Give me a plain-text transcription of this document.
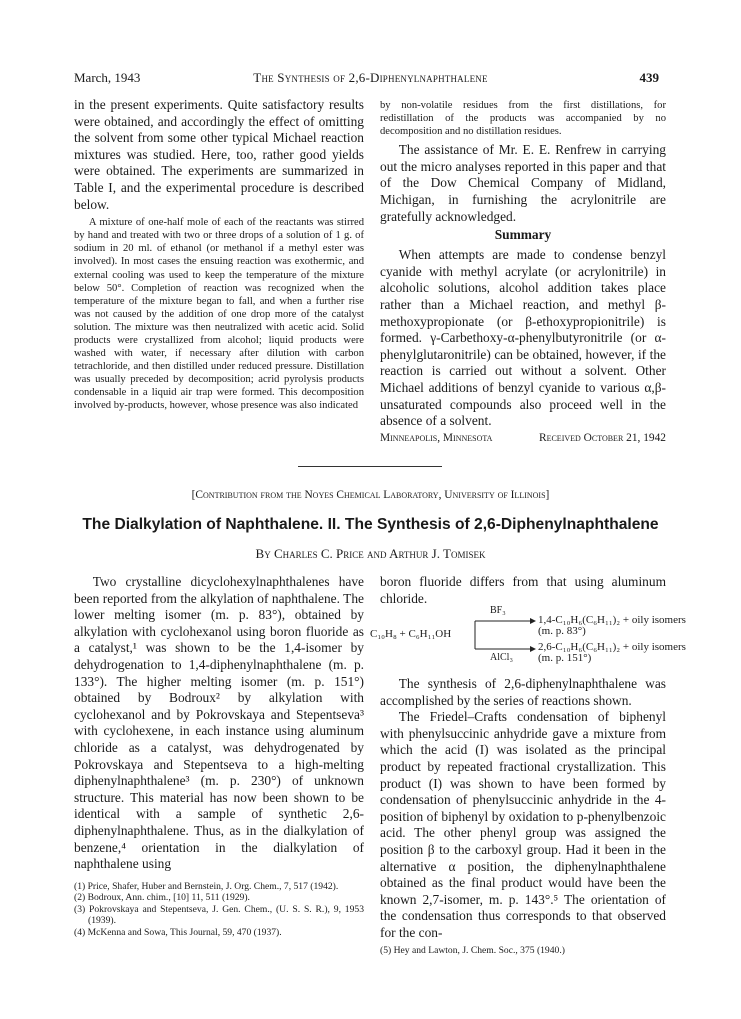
March, 1943	The Synthesis of 2,6-Diphenylnaphthalene	439

in the present experiments. Quite satisfactory results were obtained, and accordingly the effect of omitting the solvent from some other typical Michael reaction mixtures was studied. Here, too, rather good yields were obtained. The experiments are summarized in Table I, and the experimental procedure is described below.

A mixture of one-half mole of each of the reactants was stirred by hand and treated with two or three drops of a solution of 1 g. of sodium in 20 ml. of ethanol (or methanol if a methyl ester was involved). In most cases the ensuing reaction was exothermic, and external cooling was used to keep the temperature of the mixture below 50°. Completion of reaction was recognized when the temperature of the mixture began to fall, and when a further rise was not caused by the addition of one drop more of the catalyst solution. The mixture was then neutralized with acetic acid. Solid products were crystallized from alcohol; liquid products were washed with water, if necessary after dilution with carbon tetrachloride, and then distilled under reduced pressure. Distillation was usually preceded by decomposition; acrid pyrolysis products condensable in a liquid air trap were formed. This decomposition involved by-products, however, whose presence was also indicated

by non-volatile residues from the first distillations, for redistillation of the products was accompanied by no decomposition and no distillation residues.

The assistance of Mr. E. E. Renfrew in carrying out the micro analyses reported in this paper and that of the Dow Chemical Company of Midland, Michigan, in furnishing the acrylonitrile are gratefully acknowledged.

Summary

When attempts are made to condense benzyl cyanide with methyl acrylate (or acrylonitrile) in alcoholic solutions, alcohol addition takes place rather than a Michael reaction, and methyl β-methoxypropionate (or β-ethoxypropionitrile) is formed. γ-Carbethoxy-α-phenylbutyronitrile (or α-phenylglutaronitrile) can be obtained, however, if the reaction is carried out without a solvent. Other Michael additions of benzyl cyanide to various α,β-unsaturated compounds also proceed well in the absence of a solvent.

Minneapolis, Minnesota	Received October 21, 1942
[Contribution from the Noyes Chemical Laboratory, University of Illinois]
The Dialkylation of Naphthalene. II. The Synthesis of 2,6-Diphenylnaphthalene
By Charles C. Price and Arthur J. Tomisek

Two crystalline dicyclohexylnaphthalenes have been reported from the alkylation of naphthalene. The lower melting isomer (m. p. 83°), obtained by alkylation with cyclohexanol using boron fluoride as a catalyst,¹ was shown to be the 1,4-isomer by dehydrogenation to 1,4-diphenylnaphthalene (m. p. 133°). The higher melting isomer (m. p. 151°) obtained by Bodroux² by alkylation with cyclohexanol and by Pokrovskaya and Stepentseva³ with cyclohexene, in each instance using aluminum chloride as a catalyst, was dehydrogenated by Pokrovskaya and Stepentseva to a high-melting diphenylnaphthalene³ (m. p. 230°) of unknown structure. This material has now been shown to be identical with a sample of synthetic 2,6-diphenylnaphthalene. Thus, as in the dialkylation of benzene,⁴ orientation in the dialkylation of naphthalene using

(1) Price, Shafer, Huber and Bernstein, J. Org. Chem., 7, 517 (1942).

(2) Bodroux, Ann. chim., [10] 11, 511 (1929).

(3) Pokrovskaya and Stepentseva, J. Gen. Chem., (U. S. S. R.), 9, 1953 (1939).

(4) McKenna and Sowa, This Journal, 59, 470 (1937).

boron fluoride differs from that using aluminum chloride.

C₁₀H₈ + C₆H₁₁OH
BF₃
1,4-C₁₀H₆(C₆H₁₁)₂ + oily isomers
(m. p. 83°)
2,6-C₁₀H₆(C₆H₁₁)₂ + oily isomers
AlCl₃ (m. p. 151°)

The synthesis of 2,6-diphenylnaphthalene was accomplished by the series of reactions shown.

The Friedel–Crafts condensation of biphenyl with phenylsuccinic anhydride gave a mixture from which the acid (I) was isolated as the principal product by repeated fractional crystallization. This product (I) was shown to have been formed by condensation of phenylsuccinic anhydride in the 4-position of biphenyl by oxidation to p-phenylbenzoic acid. The other phenyl group was assigned the position β to the carboxyl group. Had it been in the alternative α position, the diphenylnaphthalene obtained as the final product would have been the known 2,7-isomer, m. p. 143°.⁵ The orientation of the condensation thus corresponds to that observed for the con-

(5) Hey and Lawton, J. Chem. Soc., 375 (1940.)
